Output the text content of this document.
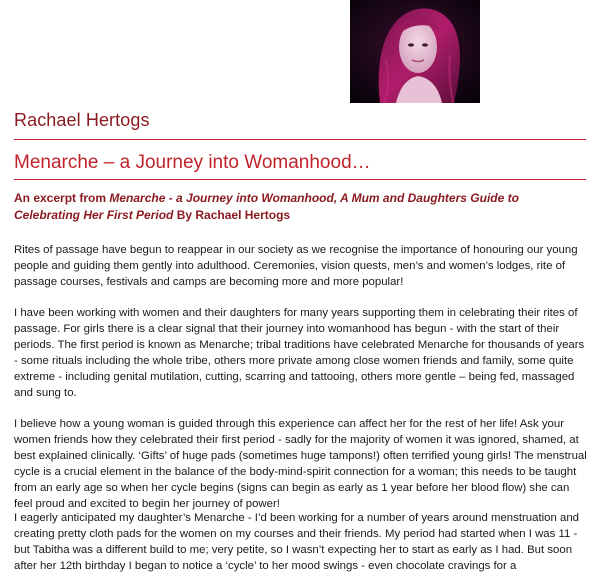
Rachael Hertogs
Menarche – a Journey into Womanhood…
An excerpt from Menarche - a Journey into Womanhood, A Mum and Daughters Guide to Celebrating Her First Period By Rachael Hertogs

Rites of passage have begun to reappear in our society as we recognise the importance of honouring our young people and guiding them gently into adulthood. Ceremonies, vision quests, men’s and women’s lodges, rite of passage courses, festivals and camps are becoming more and more popular!

I have been working with women and their daughters for many years supporting them in celebrating their rites of passage. For girls there is a clear signal that their journey into womanhood has begun - with the start of their periods. The first period is known as Menarche; tribal traditions have celebrated Menarche for thousands of years - some rituals including the whole tribe, others more private among close women friends and family, some quite extreme - including genital mutilation, cutting, scarring and tattooing, others more gentle – being fed, massaged and sung to.

I believe how a young woman is guided through this experience can affect her for the rest of her life! Ask your women friends how they celebrated their first period - sadly for the majority of women it was ignored, shamed, at best explained clinically. ‘Gifts’ of huge pads (sometimes huge tampons!) often terrified young girls! The menstrual cycle is a crucial element in the balance of the body-mind-spirit connection for a woman; this needs to be taught from an early age so when her cycle begins (signs can begin as early as 1 year before her blood flow) she can feel proud and excited to begin her journey of power!

I eagerly anticipated my daughter’s Menarche - I’d been working for a number of years around menstruation and creating pretty cloth pads for the women on my courses and their friends. My period had started when I was 11 - but Tabitha was a different build to me; very petite, so I wasn’t expecting her to start as early as I had. But soon after her 12th birthday I began to notice a ‘cycle’ to her mood swings - even chocolate cravings for a
